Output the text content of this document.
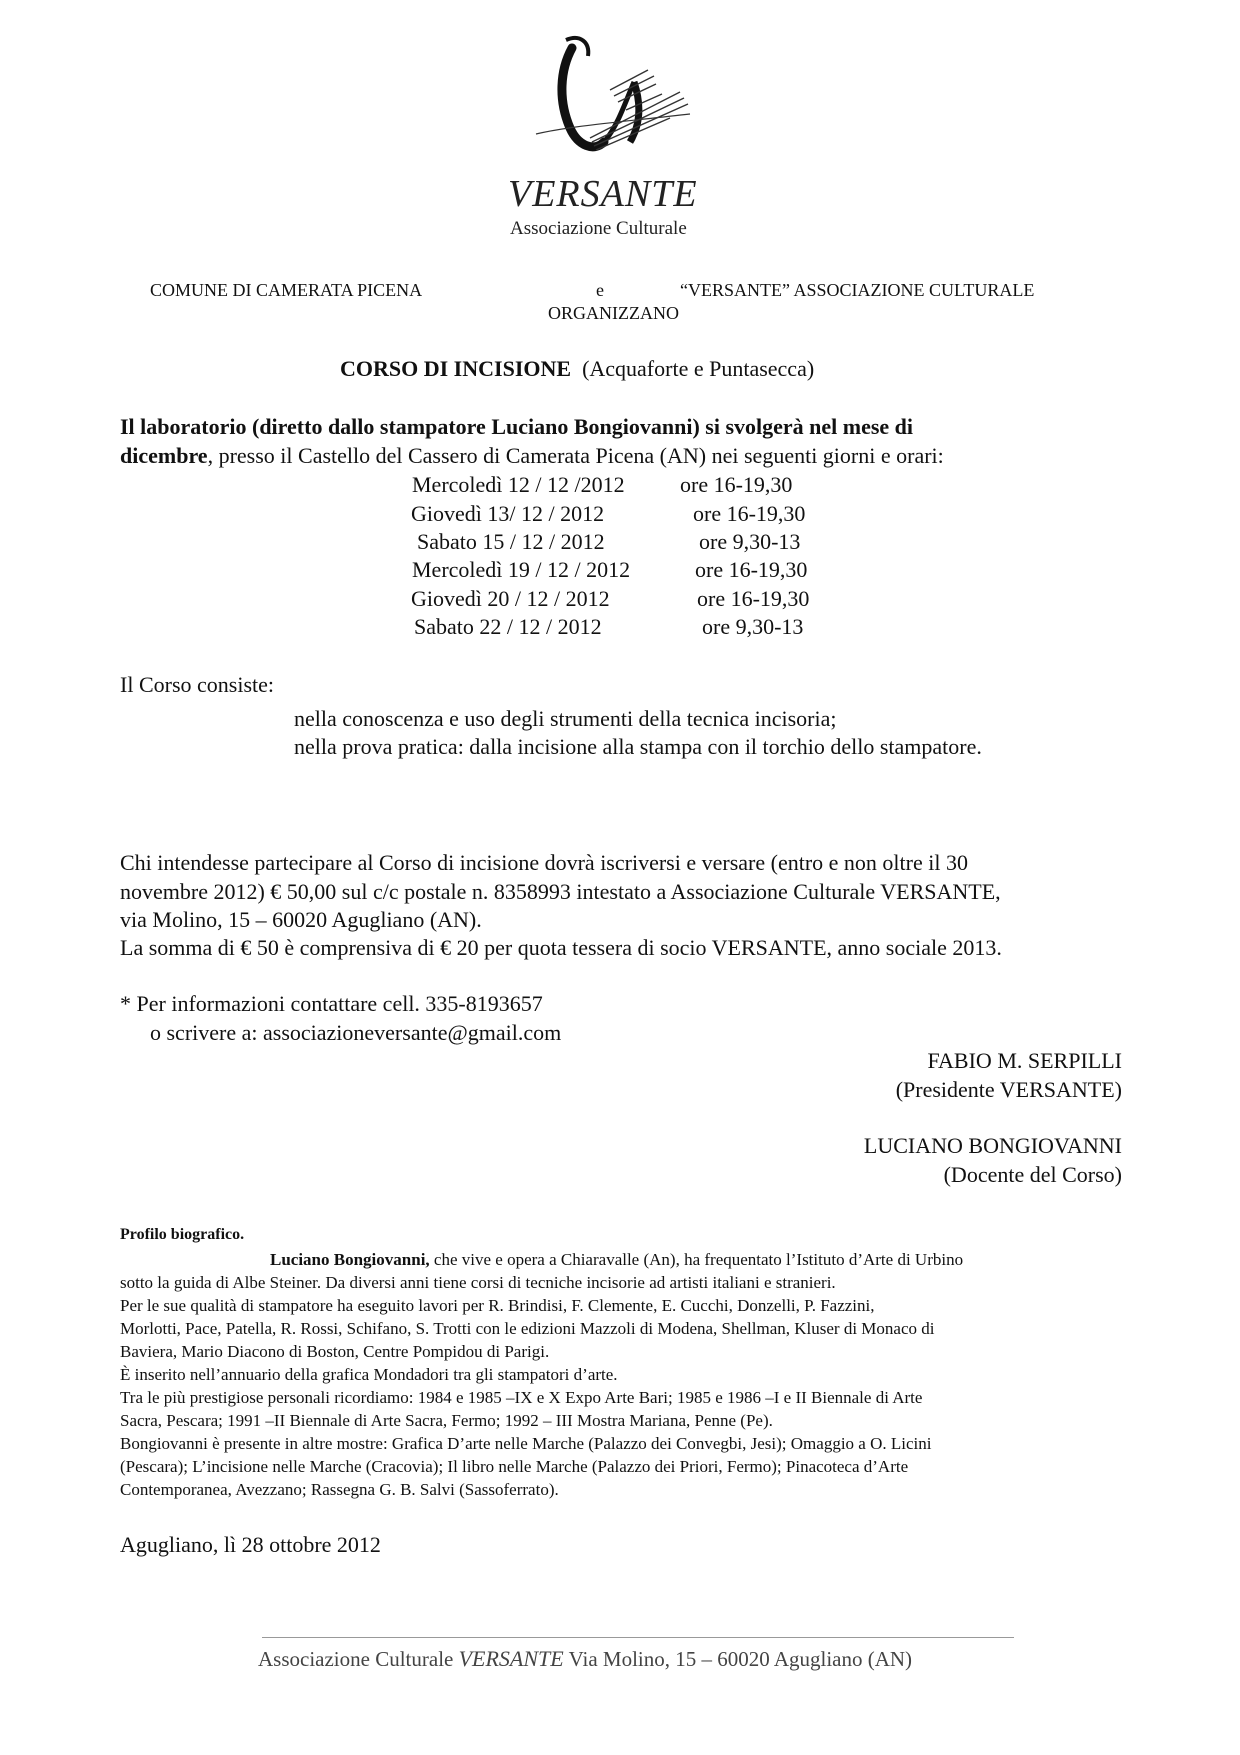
VERSANTE

Associazione Culturale

COMUNE DI CAMERATA PICENA	e	“VERSANTE” ASSOCIAZIONE CULTURALE

ORGANIZZANO

CORSO DI INCISIONE (Acquaforte e Puntasecca)

Il laboratorio (diretto dallo stampatore Luciano Bongiovanni) si svolgerà nel mese di

dicembre, presso il Castello del Cassero di Camerata Picena (AN) nei seguenti giorni e orari:

Mercoledì 12 / 12 /2012	ore 16-19,30
Giovedì 13/ 12 / 2012	ore 16-19,30
Sabato 15 / 12 / 2012	ore 9,30-13
Mercoledì 19 / 12 / 2012	ore 16-19,30
Giovedì 20 / 12 / 2012	ore 16-19,30
Sabato 22 / 12 / 2012	ore 9,30-13

Il Corso consiste:

nella conoscenza e uso degli strumenti della tecnica incisoria;

nella prova pratica: dalla incisione alla stampa con il torchio dello stampatore.

Chi intendesse partecipare al Corso di incisione dovrà iscriversi e versare (entro e non oltre il 30

novembre 2012) € 50,00 sul c/c postale n. 8358993 intestato a Associazione Culturale VERSANTE,

via Molino, 15 – 60020 Agugliano (AN).

La somma di € 50 è comprensiva di € 20 per quota tessera di socio VERSANTE, anno sociale 2013.

* Per informazioni contattare cell. 335-8193657

o scrivere a: associazioneversante@gmail.com

FABIO M. SERPILLI

(Presidente VERSANTE)

LUCIANO BONGIOVANNI

(Docente del Corso)

Profilo biografico.

Luciano Bongiovanni, che vive e opera a Chiaravalle (An), ha frequentato l’Istituto d’Arte di Urbino

sotto la guida di Albe Steiner. Da diversi anni tiene corsi di tecniche incisorie ad artisti italiani e stranieri.

Per le sue qualità di stampatore ha eseguito lavori per R. Brindisi, F. Clemente, E. Cucchi, Donzelli, P. Fazzini,

Morlotti, Pace, Patella, R. Rossi, Schifano, S. Trotti con le edizioni Mazzoli di Modena, Shellman, Kluser di Monaco di

Baviera, Mario Diacono di Boston, Centre Pompidou di Parigi.

È inserito nell’annuario della grafica Mondadori tra gli stampatori d’arte.

Tra le più prestigiose personali ricordiamo: 1984 e 1985 –IX e X Expo Arte Bari; 1985 e 1986 –I e II Biennale di Arte

Sacra, Pescara; 1991 –II Biennale di Arte Sacra, Fermo; 1992 – III Mostra Mariana, Penne (Pe).

Bongiovanni è presente in altre mostre: Grafica D’arte nelle Marche (Palazzo dei Convegbi, Jesi); Omaggio a O. Licini

(Pescara); L’incisione nelle Marche (Cracovia); Il libro nelle Marche (Palazzo dei Priori, Fermo); Pinacoteca d’Arte

Contemporanea, Avezzano; Rassegna G. B. Salvi (Sassoferrato).

Agugliano, lì 28 ottobre 2012

Associazione Culturale VERSANTE Via Molino, 15 – 60020 Agugliano (AN)
